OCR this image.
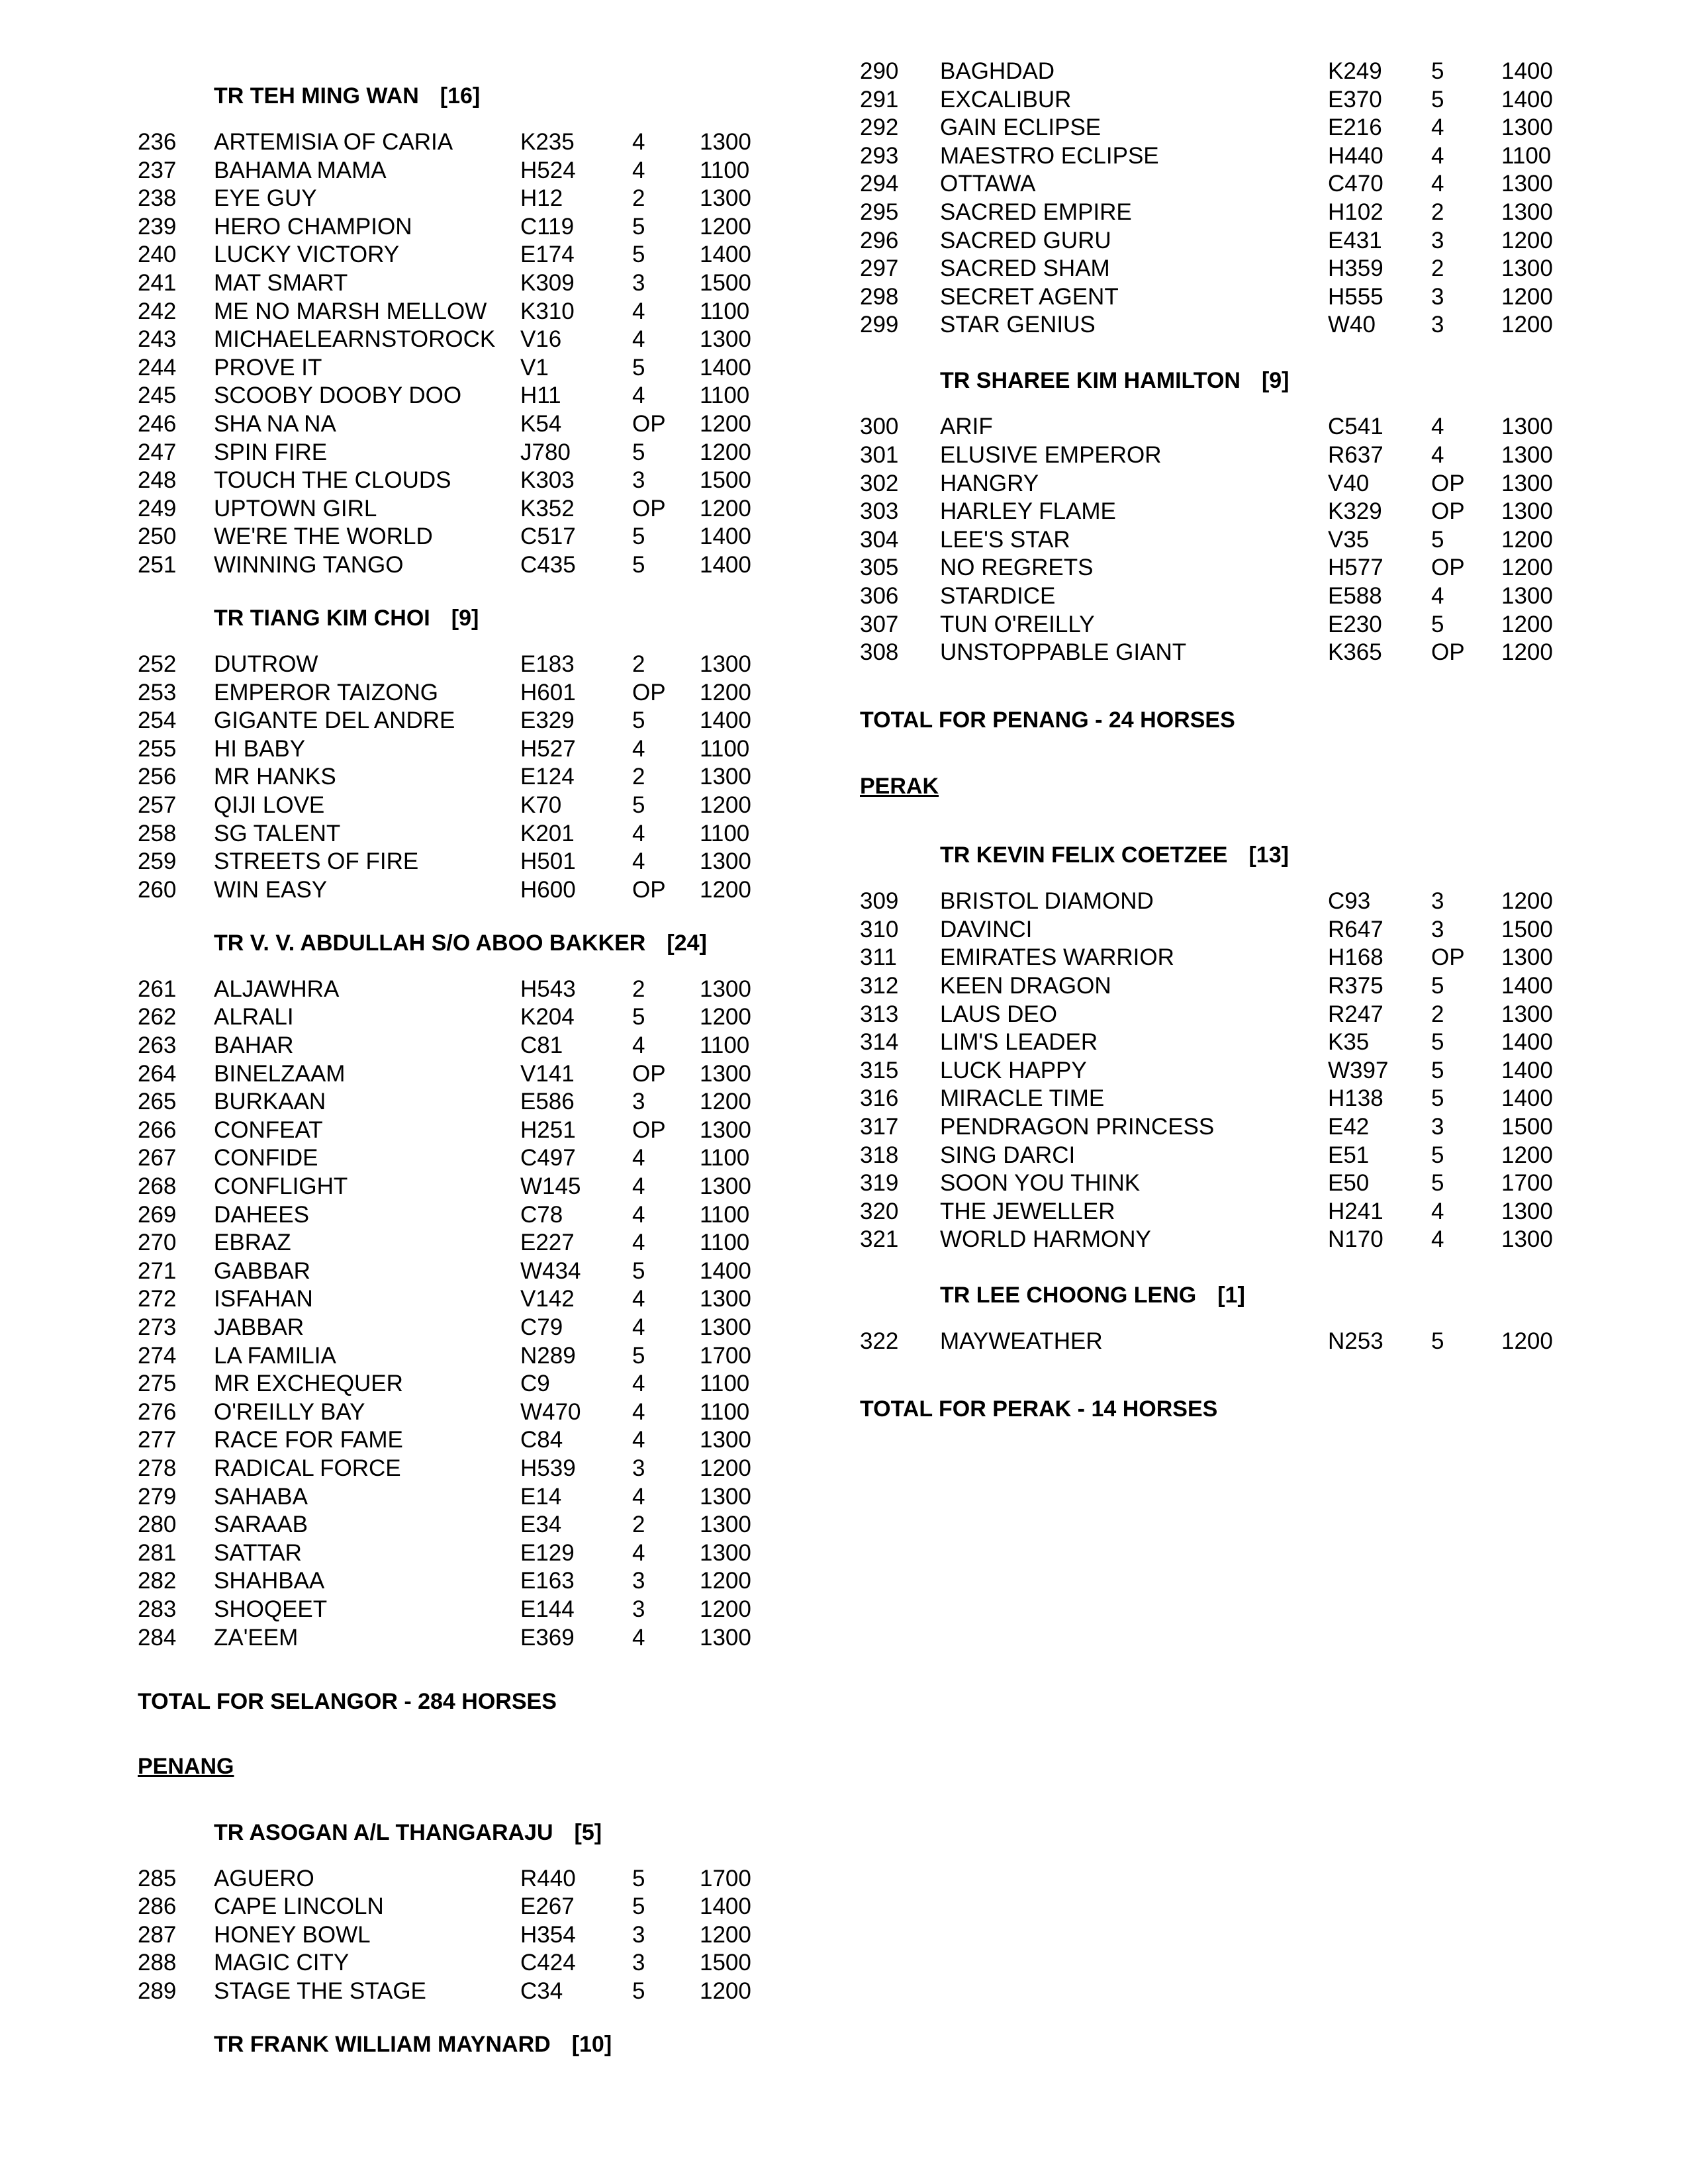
TR TEH MING WAN [16]
236 ARTEMISIA OF CARIA	K235 4 1300
237 BAHAMA MAMA	H524 4 1100
238 EYE GUY	H12	2 1300
239 HERO CHAMPION	C119	5 1200
240 LUCKY VICTORY	E174 5 1400
241 MAT SMART	K309 3 1500
242 ME NO MARSH MELLOW K310 4 1100
243 MICHAELEARNSTOROCK V16	4 1300
244 PROVE IT	V1	5 1400
245 SCOOBY DOOBY DOO	H11	4 1100
246 SHA NA NA	K54	OP 1200
247 SPIN FIRE	J780	5 1200
248 TOUCH THE CLOUDS	K303 3 1500
249 UPTOWN GIRL	K352 OP 1200
250 WE'RE THE WORLD	C517 5 1400
251 WINNING TANGO	C435 5 1400
TR TIANG KIM CHOI [9]
252 DUTROW	E183 2 1300
253 EMPEROR TAIZONG	H601 OP 1200
254 GIGANTE DEL ANDRE	E329 5 1400
255 HI BABY	H527 4 1100
256 MR HANKS	E124 2 1300
257 QIJI LOVE	K70	5 1200
258 SG TALENT	K201 4 1100
259 STREETS OF FIRE	H501 4 1300
260 WIN EASY	H600 OP 1200
TR V. V. ABDULLAH S/O ABOO BAKKER [24]
261 ALJAWHRA	H543 2 1300
262 ALRALI	K204 5 1200
263 BAHAR	C81	4 1100
264 BINELZAAM	V141 OP 1300
265 BURKAAN	E586 3 1200
266 CONFEAT	H251 OP 1300
267 CONFIDE	C497 4 1100
268 CONFLIGHT	W145 4 1300
269 DAHEES	C78	4 1100
270 EBRAZ	E227 4 1100
271 GABBAR	W434 5 1400
272 ISFAHAN	V142 4 1300
273 JABBAR	C79	4 1300
274 LA FAMILIA	N289 5 1700
275 MR EXCHEQUER	C9	4 1100
276 O'REILLY BAY	W470 4 1100
277 RACE FOR FAME	C84	4 1300
278 RADICAL FORCE	H539 3 1200
279 SAHABA	E14	4 1300
280 SARAAB	E34	2 1300
281 SATTAR	E129 4 1300
282 SHAHBAA	E163 3 1200
283 SHOQEET	E144 3 1200
284 ZA'EEM	E369 4 1300
TOTAL FOR SELANGOR - 284 HORSES
PENANG
TR ASOGAN A/L THANGARAJU [5]
285 AGUERO	R440 5 1700
286 CAPE LINCOLN	E267 5 1400
287 HONEY BOWL	H354 3 1200
288 MAGIC CITY	C424 3 1500
289 STAGE THE STAGE	C34	5 1200
TR FRANK WILLIAM MAYNARD [10]
290 BAGHDAD	K249 5 1400
291 EXCALIBUR	E370 5 1400
292 GAIN ECLIPSE	E216 4 1300
293 MAESTRO ECLIPSE	H440 4 1100
294 OTTAWA	C470 4 1300
295 SACRED EMPIRE	H102 2 1300
296 SACRED GURU	E431 3 1200
297 SACRED SHAM	H359 2 1300
298 SECRET AGENT	H555 3 1200
299 STAR GENIUS	W40 3 1200
TR SHAREE KIM HAMILTON [9]
300 ARIF	C541 4 1300
301 ELUSIVE EMPEROR	R637 4 1300
302 HANGRY	V40	OP 1300
303 HARLEY FLAME	K329 OP 1300
304 LEE'S STAR	V35	5 1200
305 NO REGRETS	H577 OP 1200
306 STARDICE	E588 4 1300
307 TUN O'REILLY	E230 5 1200
308 UNSTOPPABLE GIANT	K365 OP 1200
TOTAL FOR PENANG - 24 HORSES
PERAK
TR KEVIN FELIX COETZEE [13]
309 BRISTOL DIAMOND	C93	3 1200
310 DAVINCI	R647 3 1500
311 EMIRATES WARRIOR	H168 OP 1300
312 KEEN DRAGON	R375 5 1400
313 LAUS DEO	R247 2 1300
314 LIM'S LEADER	K35	5 1400
315 LUCK HAPPY	W397 5 1400
316 MIRACLE TIME	H138 5 1400
317 PENDRAGON PRINCESS	E42	3 1500
318 SING DARCI	E51	5 1200
319 SOON YOU THINK	E50	5 1700
320 THE JEWELLER	H241 4 1300
321 WORLD HARMONY	N170 4 1300
TR LEE CHOONG LENG [1]
322 MAYWEATHER	N253 5 1200
TOTAL FOR PERAK - 14 HORSES
